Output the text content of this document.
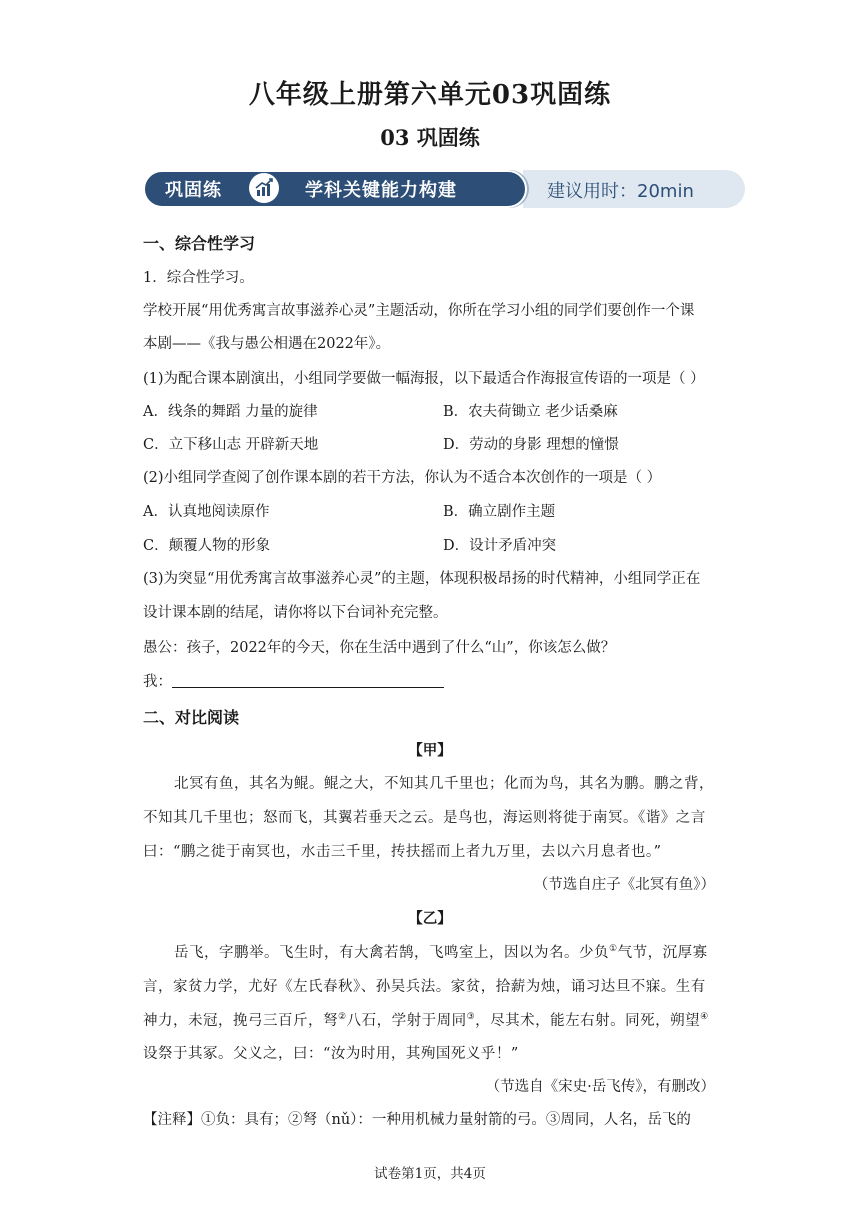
八年级上册第六单元03巩固练
03 巩固练
巩固练	学科关键能力构建	建议用时：20min
一、综合性学习
1．综合性学习。
学校开展“用优秀寓言故事滋养心灵”主题活动，你所在学习小组的同学们要创作一个课
本剧——《我与愚公相遇在2022年》。
(1)为配合课本剧演出，小组同学要做一幅海报，以下最适合作海报宣传语的一项是（ ）
A．线条的舞蹈 力量的旋律	B．农夫荷锄立 老少话桑麻
C．立下移山志 开辟新天地	D．劳动的身影 理想的憧憬
(2)小组同学查阅了创作课本剧的若干方法，你认为不适合本次创作的一项是（ ）
A．认真地阅读原作	B．确立剧作主题
C．颠覆人物的形象	D．设计矛盾冲突
(3)为突显“用优秀寓言故事滋养心灵”的主题，体现积极昂扬的时代精神，小组同学正在
设计课本剧的结尾，请你将以下台词补充完整。
愚公：孩子，2022年的今天，你在生活中遇到了什么“山”，你该怎么做？
我：
二、对比阅读
【甲】
北冥有鱼，其名为鲲。鲲之大，不知其几千里也；化而为鸟，其名为鹏。鹏之背，
不知其几千里也；怒而飞，其翼若垂天之云。是鸟也，海运则将徙于南冥。《谐》之言
曰：“鹏之徙于南冥也，水击三千里，抟扶摇而上者九万里，去以六月息者也。”
（节选自庄子《北冥有鱼》）
【乙】
岳飞，字鹏举。飞生时，有大禽若鹄，飞鸣室上，因以为名。少负①气节，沉厚寡
言，家贫力学，尤好《左氏春秋》、孙吴兵法。家贫，拾薪为烛，诵习达旦不寐。生有
神力，未冠，挽弓三百斤，弩②八石，学射于周同③，尽其术，能左右射。同死，朔望④
设祭于其冢。父义之，曰：“汝为时用，其殉国死义乎！”
（节选自《宋史·岳飞传》，有删改）
【注释】①负：具有；②弩（nǔ）：一种用机械力量射箭的弓。③周同，人名，岳飞的
试卷第1页，共4页
